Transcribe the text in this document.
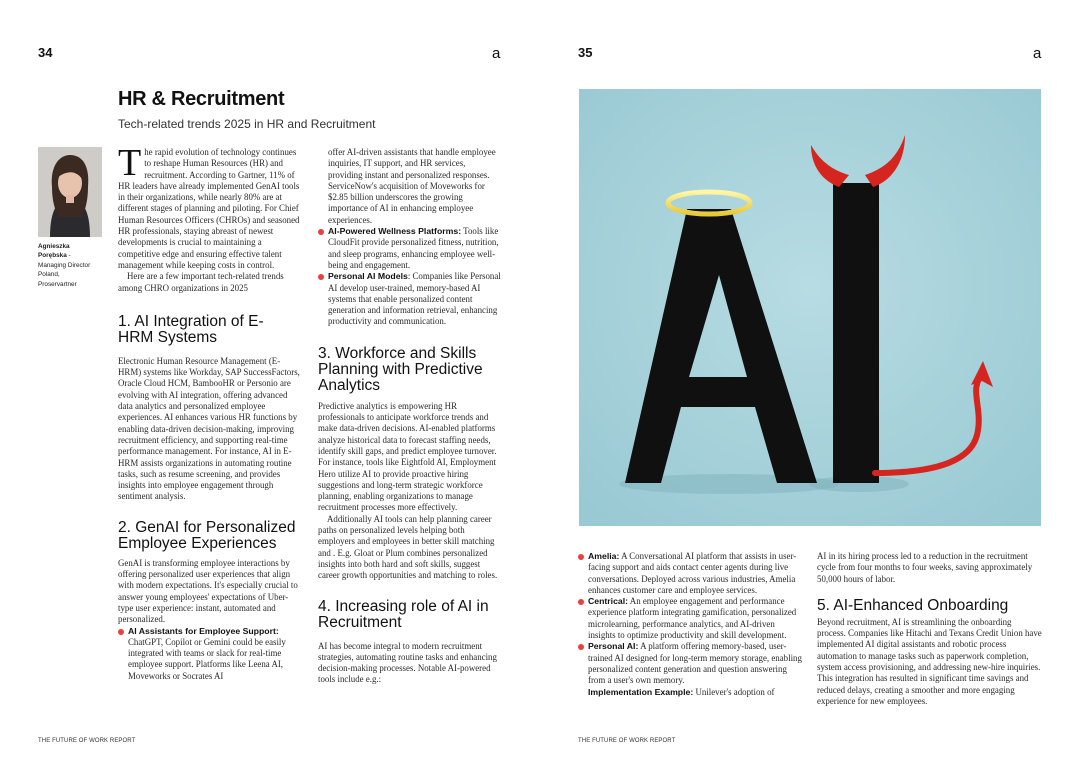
34	a
HR & Recruitment
Tech-related trends 2025 in HR and Recruitment
Agnieszka
Porębska -
Managing Director
Poland,
Proservartner

The rapid evolution of technology continues to reshape Human Resources (HR) and recruitment. According to Gartner, 11% of HR leaders have already implemented GenAI tools in their organizations, while nearly 80% are at different stages of planning and piloting. For Chief Human Resources Officers (CHROs) and seasoned HR professionals, staying abreast of newest developments is crucial to maintaining a competitive edge and ensuring effective talent management while keeping costs in control.

Here are a few important tech-related trends among CHRO organizations in 2025

1. AI Integration of E-HRM Systems

Electronic Human Resource Management (E-HRM) systems like Workday, SAP SuccessFactors, Oracle Cloud HCM, BambooHR or Personio are evolving with AI integration, offering advanced data analytics and personalized employee experiences. AI enhances various HR functions by enabling data-driven decision-making, improving recruitment efficiency, and supporting real-time performance management. For instance, AI in E-HRM assists organizations in automating routine tasks, such as resume screening, and provides insights into employee engagement through sentiment analysis.

2. GenAI for Personalized Employee Experiences

GenAI is transforming employee interactions by offering personalized user experiences that align with modern expectations. It's especially crucial to answer young employees' expectations of Uber-type user experience: instant, automated and personalized.

AI Assistants for Employee Support: ChatGPT, Copilot or Gemini could be easily integrated with teams or slack for real-time employee support. Platforms like Leena AI, Moveworks or Socrates AI

offer AI-driven assistants that handle employee inquiries, IT support, and HR services, providing instant and personalized responses. ServiceNow's acquisition of Moveworks for $2.85 billion underscores the growing importance of AI in enhancing employee experiences.

AI-Powered Wellness Platforms: Tools like CloudFit provide personalized fitness, nutrition, and sleep programs, enhancing employee well-being and engagement.
Personal AI Models: Companies like Personal AI develop user-trained, memory-based AI systems that enable personalized content generation and information retrieval, enhancing productivity and communication.
3. Workforce and Skills Planning with Predictive Analytics

Predictive analytics is empowering HR professionals to anticipate workforce trends and make data-driven decisions. AI-enabled platforms analyze historical data to forecast staffing needs, identify skill gaps, and predict employee turnover. For instance, tools like Eightfold AI, Employment Hero utilize AI to provide proactive hiring suggestions and long-term strategic workforce planning, enabling organizations to manage recruitment processes more effectively.

Additionally AI tools can help planning career paths on personalized levels helping both employers and employees in better skill matching and . E.g. Gloat or Plum combines personalized insights into both hard and soft skills, suggest career growth opportunities and matching to roles.

4. Increasing role of AI in Recruitment

AI has become integral to modern recruitment strategies, automating routine tasks and enhancing decision-making processes. Notable AI-powered tools include e.g.:

THE FUTURE OF WORK REPORT
35	a
Amelia: A Conversational AI platform that assists in user-facing support and aids contact center agents during live conversations. Deployed across various industries, Amelia enhances customer care and employee services.
Centrical: An employee engagement and performance experience platform integrating gamification, personalized microlearning, performance analytics, and AI-driven insights to optimize productivity and skill development.
Personal AI: A platform offering memory-based, user-trained AI designed for long-term memory storage, enabling personalized content generation and question answering from a user's own memory.

Implementation Example: Unilever's adoption of

AI in its hiring process led to a reduction in the recruitment cycle from four months to four weeks, saving approximately 50,000 hours of labor.

5. AI-Enhanced Onboarding

Beyond recruitment, AI is streamlining the onboarding process. Companies like Hitachi and Texans Credit Union have implemented AI digital assistants and robotic process automation to manage tasks such as paperwork completion, system access provisioning, and addressing new-hire inquiries. This integration has resulted in significant time savings and reduced delays, creating a smoother and more engaging experience for new employees.

THE FUTURE OF WORK REPORT
